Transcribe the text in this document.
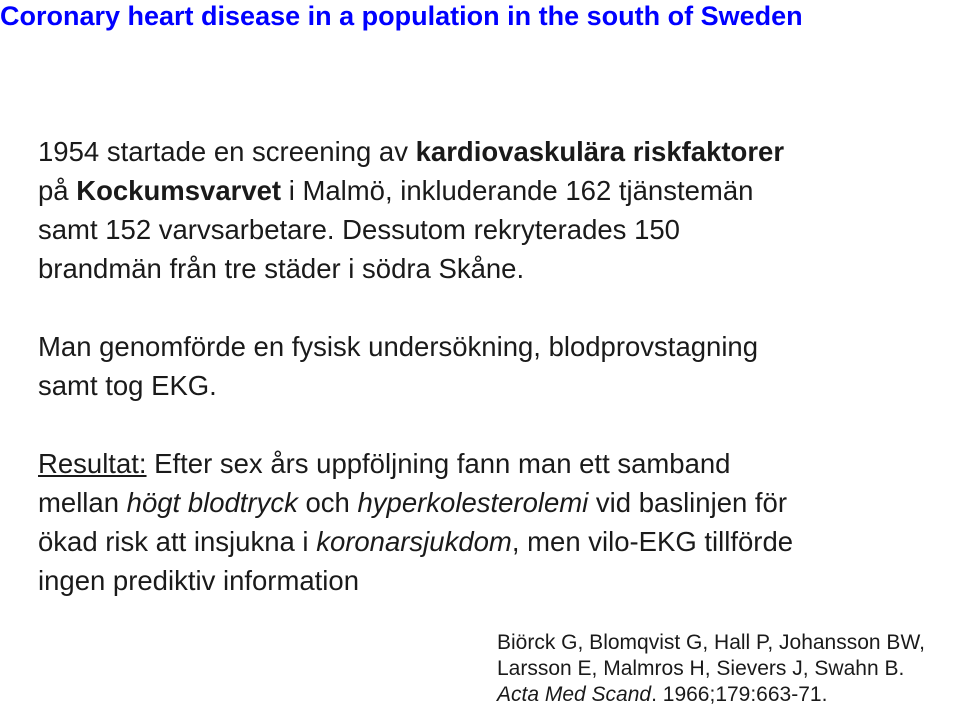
Coronary heart disease in a population in the south of Sweden
1954 startade en screening av kardiovaskulära riskfaktorer
på Kockumsvarvet i Malmö, inkluderande 162 tjänstemän
samt 152 varvsarbetare. Dessutom rekryterades 150
brandmän från tre städer i södra Skåne.
Man genomförde en fysisk undersökning, blodprovstagning
samt tog EKG.
Resultat: Efter sex års uppföljning fann man ett samband
mellan högt blodtryck och hyperkolesterolemi vid baslinjen för
ökad risk att insjukna i koronarsjukdom, men vilo-EKG tillförde
ingen prediktiv information
Biörck G, Blomqvist G, Hall P, Johansson BW,
Larsson E, Malmros H, Sievers J, Swahn B.
Acta Med Scand. 1966;179:663-71.
